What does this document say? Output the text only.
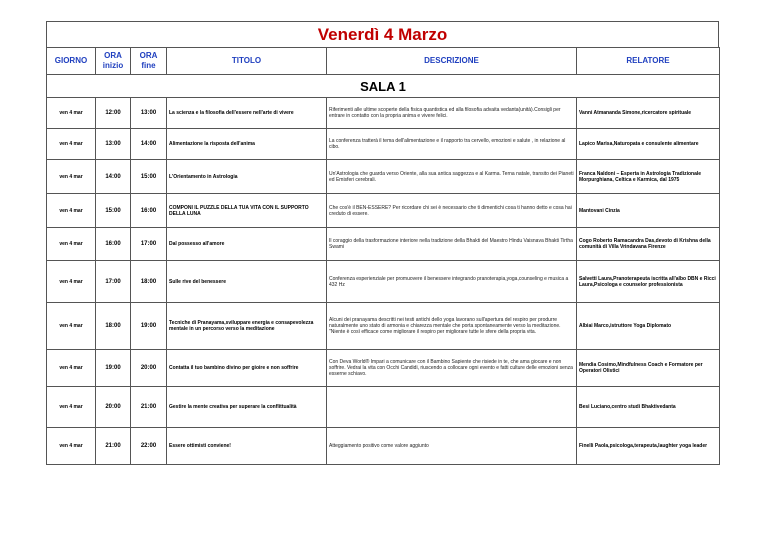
Venerdì 4 Marzo
GIORNO	ORA inizio	ORA fine	TITOLO	DESCRIZIONE	RELATORE
SALA 1					
ven 4 mar	12:00	13:00	La scienza e la filosofia dell'essere nell'arte di vivere	Riferimenti alle ultime scoperte della fisica quantistica ed alla filosofia advaita vedanta(unità).Consigli per entrare in contatto con la propria anima e vivere felici.	Vanni Atmananda Simone,ricercatore spirituale
ven 4 mar	13:00	14:00	Alimentazione la risposta dell'anima	La conferenza tratterà il tema dell'alimentazione e il rapporto tra cervello, emozioni e salute , in relazione al cibo.	Lapico Marisa,Naturopata e consulente alimentare
ven 4 mar	14:00	15:00	L'Orientamento in Astrologia	Un'Astrologia che guarda verso Oriente, alla sua antica saggezza e al Karma. Terna natale, transito dei Pianeti ed Emisferi cerebrali.	Franca Naldoni – Esperta in Astrologia Tradizionale Morpurghiana, Celtica e Karmica, dal 1975
ven 4 mar	15:00	16:00	COMPONI IL PUZZLE DELLA TUA VITA CON IL SUPPORTO DELLA LUNA	Che cos'è il BEN-ESSERE? Per ricordare chi sei è necessario che ti dimentichi cosa ti hanno detto e cosa hai creduto di essere.	Mantovani Cinzia
ven 4 mar	16:00	17:00	Dal possesso all'amore	Il coraggio della trasformazione interiore nella tradizione della Bhakti del Maestro Hindu Vaisnava Bhakti Tirtha Swami	Cogo Roberto Ramacandra Das,devoto di Krishna della comunità di Villa Vrindavana Firenze
ven 4 mar	17:00	18:00	Sulle rive del benessere	Conferenza esperienziale per promuovere il benessere integrando pranoterapia,yoga,counseling e musica a 432 Hz	Salvetti Laura,Pranoterapeuta iscritta all'albo DBN e Ricci Laura,Psicologa e counselor professionista
ven 4 mar	18:00	19:00	Tecniche di Pranayama,sviluppare energia e consapevolezza mentale in un percorso verso la meditazione	Alcuni dei pranayama descritti nei testi antichi dello yoga lavorano sull'apertura del respiro per produrre naturalmente uno stato di armonia e chiarezza mentale che porta spontaneamente verso la meditazione. "Niente è così efficace come migliorare il respiro per migliorare tutte le sfere della propria vita.	Albiai Marco,istruttore Yoga Diplomato
ven 4 mar	19:00	20:00	Contatta il tuo bambino divino per gioire e non soffrire	Con Deva World® Impari a comunicare con il Bambino Sapiente che risiede in te, che ama giocare e non soffrire. Vedrai la vita con Occhi Candidi, riuscendo a collocare ogni evento e fatti culture delle emozioni senza esserne schiavo.	Mendia Cosimo,Mindfulness Coach e Formatore per Operatori Olistici
ven 4 mar	20:00	21:00	Gestire la mente creativa per superare la conflittualità		Besi Luciano,centro studi Bhaktivedanta
ven 4 mar	21:00	22:00	Essere ottimisti conviene!	Atteggiamento positivo come valore aggiunto	Finelli Paola,psicologa,terapeuta,laughter yoga leader
